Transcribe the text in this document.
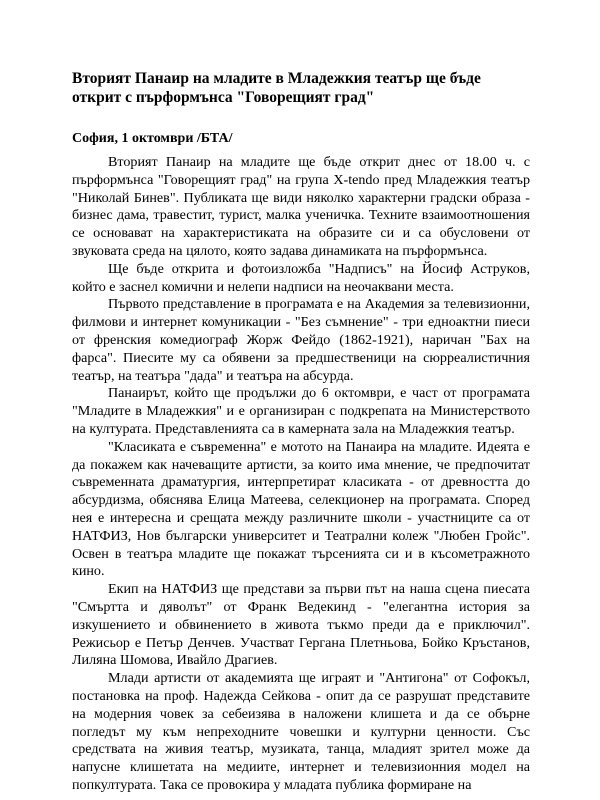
Вторият Панаир на младите в Младежкия театър ще бъде открит с пърформънса "Говорещият град"

София, 1 октомври /БТА/

Вторият Панаир на младите ще бъде открит днес от 18.00 ч. с пърформънса "Говорещият град" на група X-tendo пред Младежкия театър "Николай Бинев". Публиката ще види няколко характерни градски образа - бизнес дама, травестит, турист, малка ученичка. Техните взаимоотношения се основават на характеристиката на образите си и са обусловени от звуковата среда на цялото, която задава динамиката на пърформънса.

Ще бъде открита и фотоизложба "Надписъ" на Йосиф Аструков, който е заснел комични и нелепи надписи на неочаквани места.

Първото представление в програмата е на Академия за телевизионни, филмови и интернет комуникации - "Без съмнение" - три едноактни пиеси от френския комедиограф Жорж Фейдо (1862-1921), наричан "Бах на фарса". Пиесите му са обявени за предшественици на сюрреалистичния театър, на театъра "дада" и театъра на абсурда.

Панаирът, който ще продължи до 6 октомври, е част от програмата "Младите в Младежкия" и е организиран с подкрепата на Министерството на културата. Представленията са в камерната зала на Младежкия театър.

"Класиката е съвременна" е мотото на Панаира на младите. Идеята е да покажем как начеващите артисти, за които има мнение, че предпочитат съвременната драматургия, интерпретират класиката - от древността до абсурдизма, обяснява Елица Матеева, селекционер на програмата. Според нея е интересна и срещата между различните школи - участниците са от НАТФИЗ, Нов български университет и Театрални колеж "Любен Гройс". Освен в театъра младите ще покажат търсенията си и в късометражното кино.

Екип на НАТФИЗ ще представи за първи път на наша сцена пиесата "Смъртта и дяволът" от Франк Ведекинд - "елегантна история за изкушението и обвинението в живота тъкмо преди да е приключил". Режисьор е Петър Денчев. Участват Гергана Плетньова, Бойко Кръстанов, Лиляна Шомова, Ивайло Драгиев.

Млади артисти от академията ще играят и "Антигона" от Софокъл, постановка на проф. Надежда Сейкова - опит да се разрушат представите на модерния човек за себеизява в наложени клишета и да се обърне погледът му към непреходните човешки и културни ценности. Със средствата на живия театър, музиката, танца, младият зрител може да напусне клишетата на медиите, интернет и телевизионния модел на попкултурата. Така се провокира у младата публика формиране на
